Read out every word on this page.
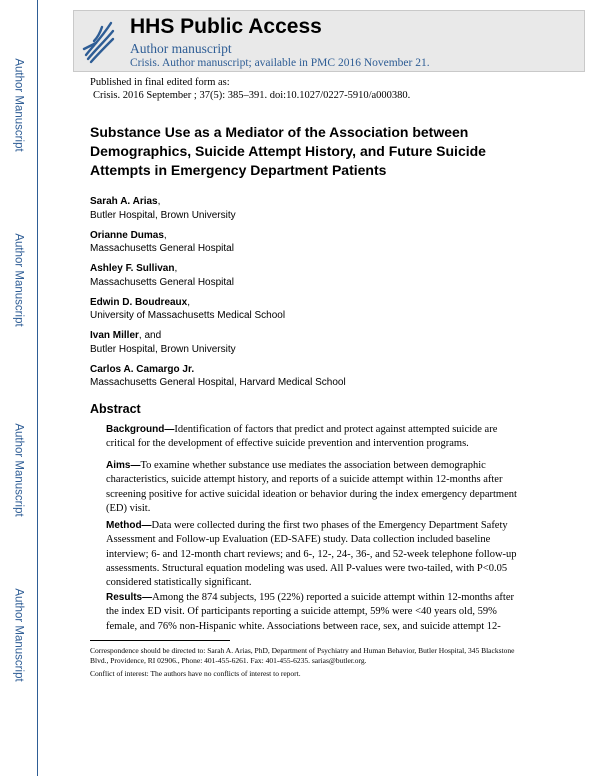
Author Manuscript
Author Manuscript
Author Manuscript
Author Manuscript
HHS Public Access
Author manuscript
Crisis. Author manuscript; available in PMC 2016 November 21.
Published in final edited form as:
Crisis. 2016 September ; 37(5): 385–391. doi:10.1027/0227-5910/a000380.
Substance Use as a Mediator of the Association between Demographics, Suicide Attempt History, and Future Suicide Attempts in Emergency Department Patients
Sarah A. Arias,
Butler Hospital, Brown University
Orianne Dumas,
Massachusetts General Hospital
Ashley F. Sullivan,
Massachusetts General Hospital
Edwin D. Boudreaux,
University of Massachusetts Medical School
Ivan Miller, and
Butler Hospital, Brown University
Carlos A. Camargo Jr.
Massachusetts General Hospital, Harvard Medical School
Abstract
Background—Identification of factors that predict and protect against attempted suicide are critical for the development of effective suicide prevention and intervention programs.
Aims—To examine whether substance use mediates the association between demographic characteristics, suicide attempt history, and reports of a suicide attempt within 12-months after screening positive for active suicidal ideation or behavior during the index emergency department (ED) visit.
Method—Data were collected during the first two phases of the Emergency Department Safety Assessment and Follow-up Evaluation (ED-SAFE) study. Data collection included baseline interview; 6- and 12-month chart reviews; and 6-, 12-, 24-, 36-, and 52-week telephone follow-up assessments. Structural equation modeling was used. All P-values were two-tailed, with P<0.05 considered statistically significant.
Results—Among the 874 subjects, 195 (22%) reported a suicide attempt within 12-months after the index ED visit. Of participants reporting a suicide attempt, 59% were <40 years old, 59% female, and 76% non-Hispanic white. Associations between race, sex, and suicide attempt 12-
Correspondence should be directed to: Sarah A. Arias, PhD, Department of Psychiatry and Human Behavior, Butler Hospital, 345 Blackstone Blvd., Providence, RI 02906., Phone: 401-455-6261. Fax: 401-455-6235. sarias@butler.org.
Conflict of interest: The authors have no conflicts of interest to report.
